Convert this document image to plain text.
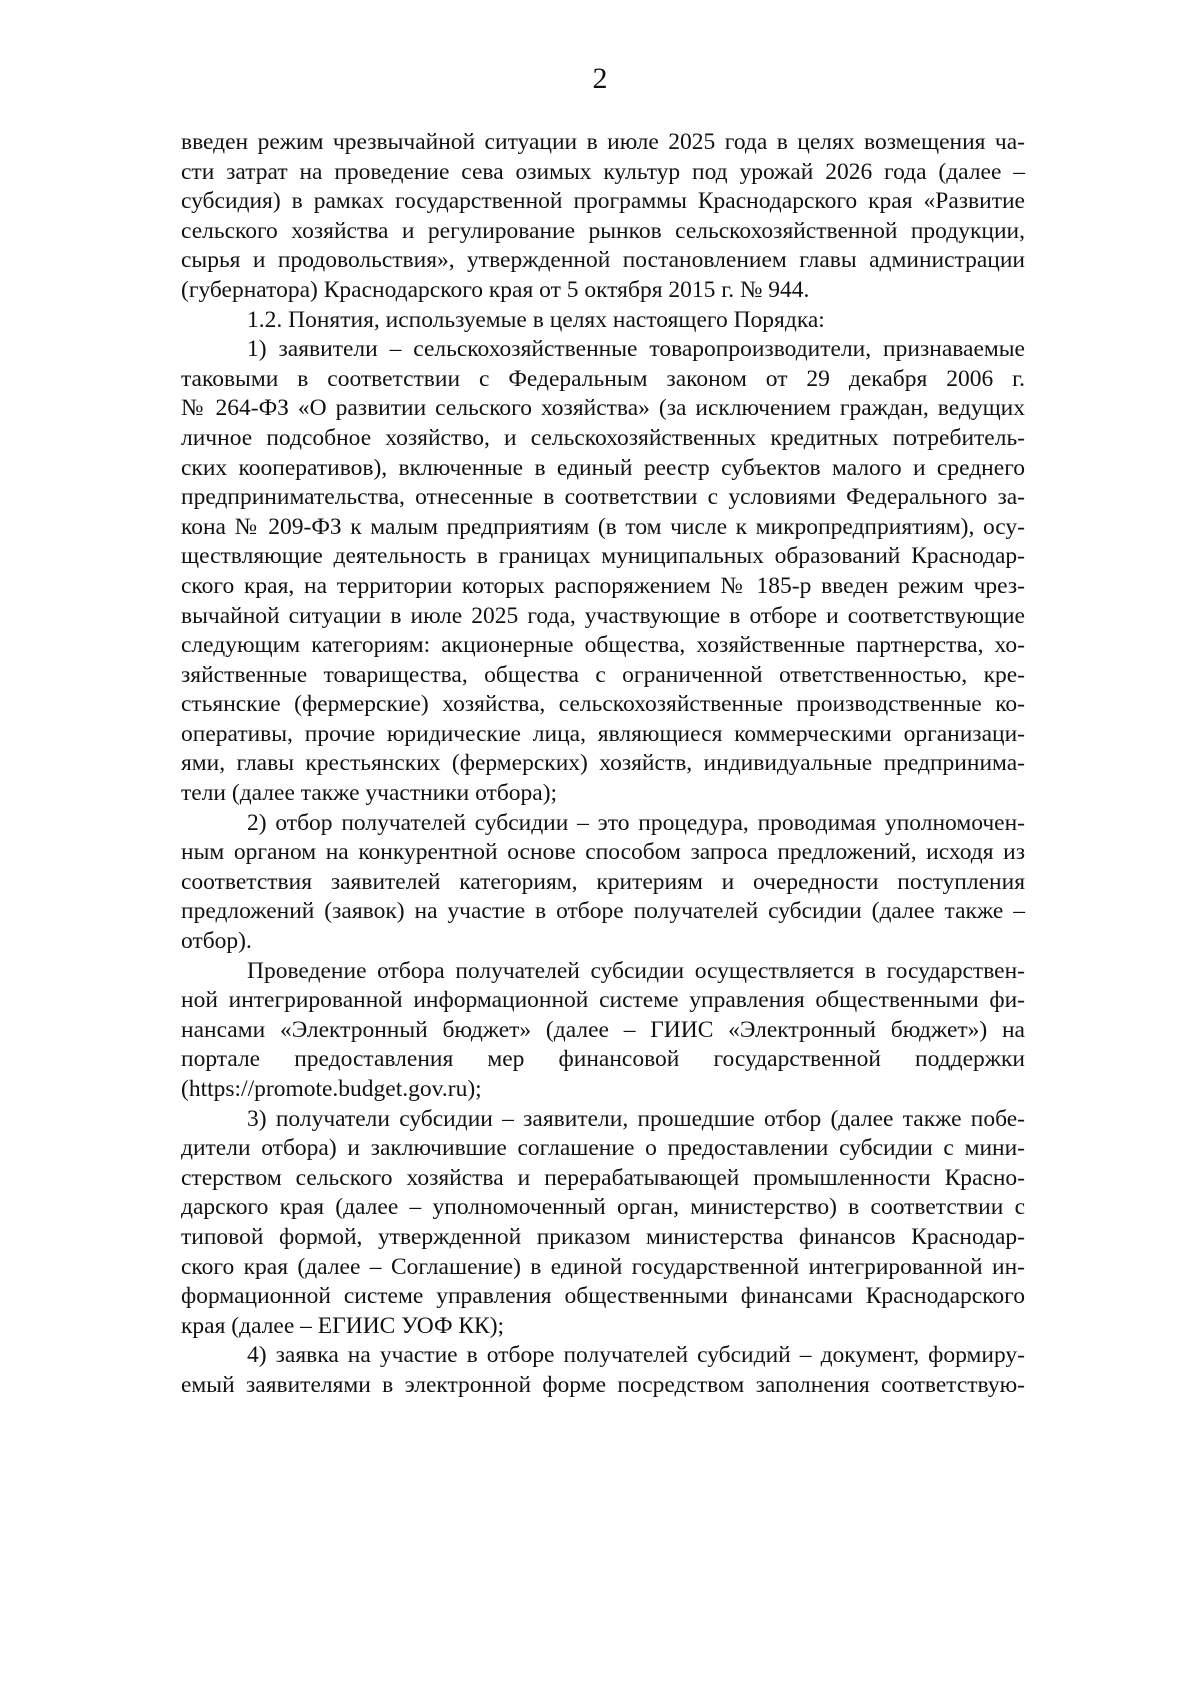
2
введен режим чрезвычайной ситуации в июле 2025 года в целях возмещения ча-
сти затрат на проведение сева озимых культур под урожай 2026 года (далее –
субсидия) в рамках государственной программы Краснодарского края «Развитие
сельского хозяйства и регулирование рынков сельскохозяйственной продукции,
сырья и продовольствия», утвержденной постановлением главы администрации
(губернатора) Краснодарского края от 5 октября 2015 г. № 944.
1.2. Понятия, используемые в целях настоящего Порядка:
1) заявители – сельскохозяйственные товаропроизводители, признаваемые
таковыми в соответствии с Федеральным законом от 29 декабря 2006 г.
№ 264-ФЗ «О развитии сельского хозяйства» (за исключением граждан, ведущих
личное подсобное хозяйство, и сельскохозяйственных кредитных потребитель-
ских кооперативов), включенные в единый реестр субъектов малого и среднего
предпринимательства, отнесенные в соответствии с условиями Федерального за-
кона № 209-ФЗ к малым предприятиям (в том числе к микропредприятиям), осу-
ществляющие деятельность в границах муниципальных образований Краснодар-
ского края, на территории которых распоряжением № 185-р введен режим чрез-
вычайной ситуации в июле 2025 года, участвующие в отборе и соответствующие
следующим категориям: акционерные общества, хозяйственные партнерства, хо-
зяйственные товарищества, общества с ограниченной ответственностью, кре-
стьянские (фермерские) хозяйства, сельскохозяйственные производственные ко-
оперативы, прочие юридические лица, являющиеся коммерческими организаци-
ями, главы крестьянских (фермерских) хозяйств, индивидуальные предпринима-
тели (далее также участники отбора);
2) отбор получателей субсидии – это процедура, проводимая уполномочен-
ным органом на конкурентной основе способом запроса предложений, исходя из
соответствия заявителей категориям, критериям и очередности поступления
предложений (заявок) на участие в отборе получателей субсидии (далее также –
отбор).
Проведение отбора получателей субсидии осуществляется в государствен-
ной интегрированной информационной системе управления общественными фи-
нансами «Электронный бюджет» (далее – ГИИС «Электронный бюджет») на
портале предоставления мер финансовой государственной поддержки
(https://promote.budget.gov.ru);
3) получатели субсидии – заявители, прошедшие отбор (далее также побе-
дители отбора) и заключившие соглашение о предоставлении субсидии с мини-
стерством сельского хозяйства и перерабатывающей промышленности Красно-
дарского края (далее – уполномоченный орган, министерство) в соответствии с
типовой формой, утвержденной приказом министерства финансов Краснодар-
ского края (далее – Соглашение) в единой государственной интегрированной ин-
формационной системе управления общественными финансами Краснодарского
края (далее – ЕГИИС УОФ КК);
4) заявка на участие в отборе получателей субсидий – документ, формиру-
емый заявителями в электронной форме посредством заполнения соответствую-
